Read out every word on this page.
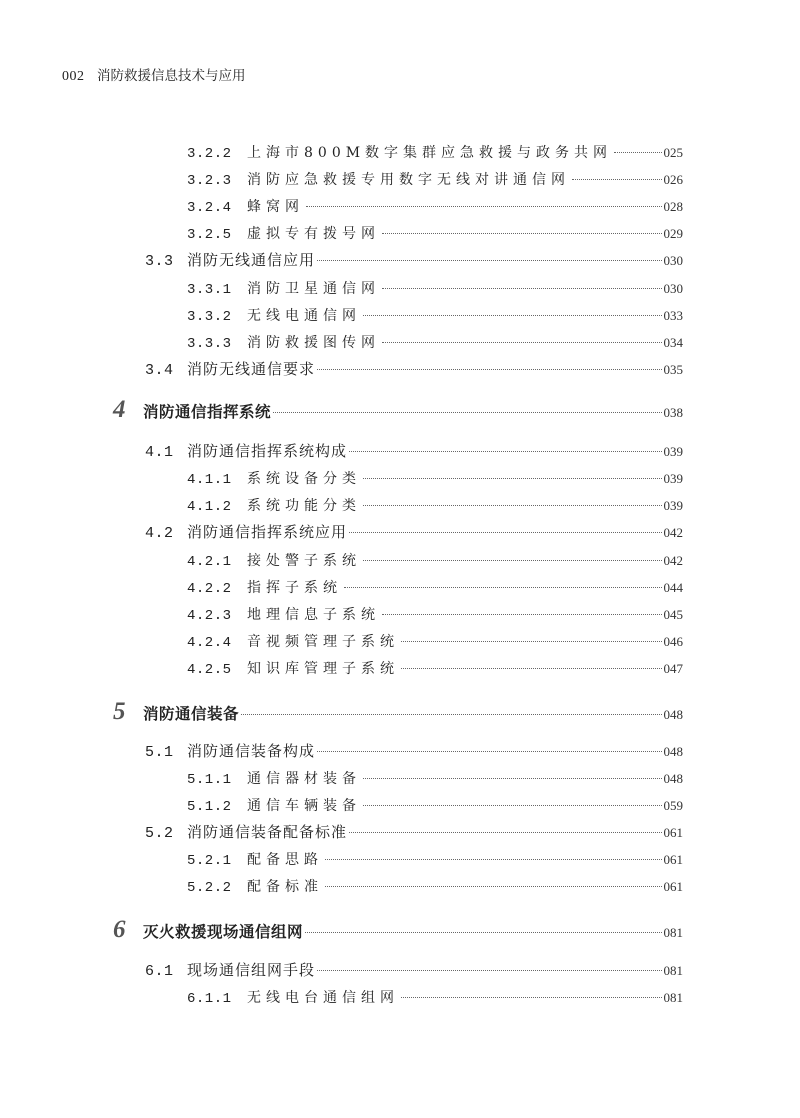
002 消防救援信息技术与应用
3.2.2	上海市800M数字集群应急救援与政务共网	025
3.2.3	消防应急救援专用数字无线对讲通信网	026
3.2.4	蜂窝网	028
3.2.5	虚拟专有拨号网	029
3.3 消防无线通信应用	030
3.3.1	消防卫星通信网	030
3.3.2	无线电通信网	033
3.3.3	消防救援图传网	034
3.4 消防无线通信要求	035
4	消防通信指挥系统	038
4.1 消防通信指挥系统构成	039
4.1.1	系统设备分类	039
4.1.2	系统功能分类	039
4.2 消防通信指挥系统应用	042
4.2.1	接处警子系统	042
4.2.2	指挥子系统	044
4.2.3	地理信息子系统	045
4.2.4	音视频管理子系统	046
4.2.5	知识库管理子系统	047
5	消防通信装备	048
5.1 消防通信装备构成	048
5.1.1	通信器材装备	048
5.1.2	通信车辆装备	059
5.2 消防通信装备配备标准	061
5.2.1	配备思路	061
5.2.2	配备标准	061
6	灭火救援现场通信组网	081
6.1 现场通信组网手段	081
6.1.1	无线电台通信组网	081
